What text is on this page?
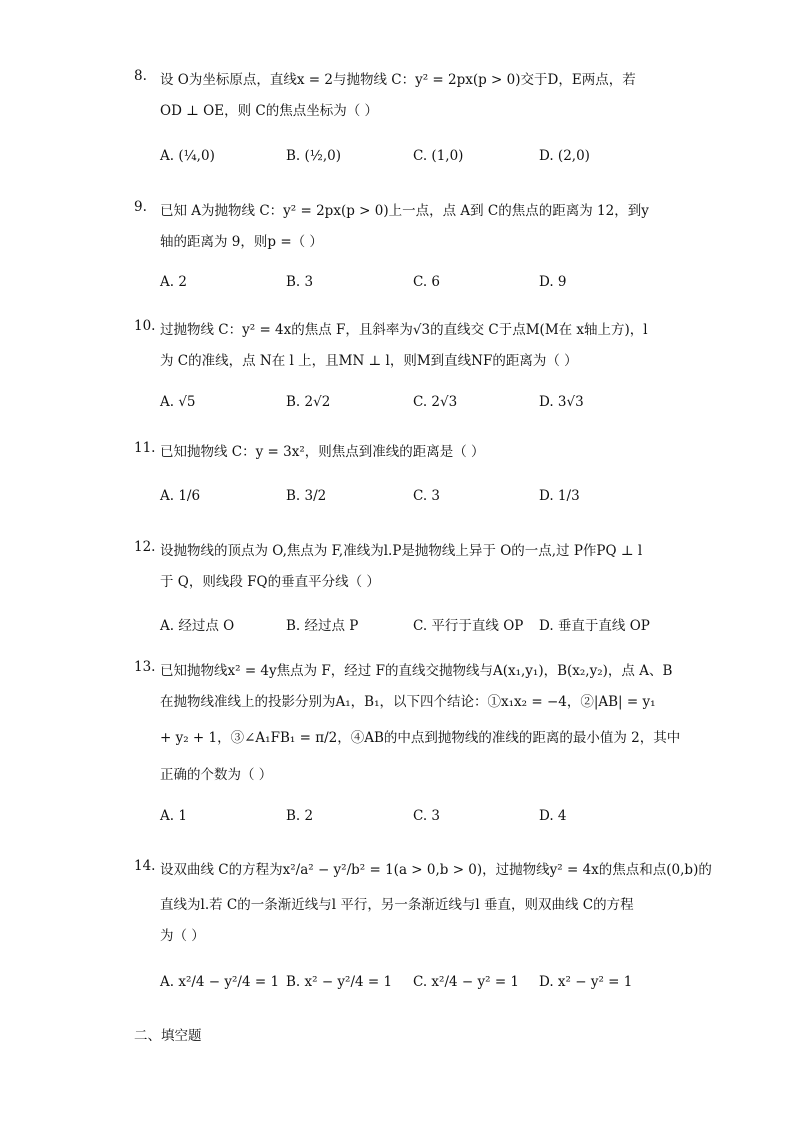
8. 设 O为坐标原点，直线x = 2与抛物线 C：y² = 2px(p > 0)交于D，E两点，若
OD ⊥ OE，则 C的焦点坐标为（ ）
A. (¼,0)	B. (½,0)	C. (1,0)	D. (2,0)
9. 已知 A为抛物线 C：y² = 2px(p > 0)上一点，点 A到 C的焦点的距离为 12，到y
轴的距离为 9，则p =（ ）
A. 2	B. 3	C. 6	D. 9
10. 过抛物线 C：y² = 4x的焦点 F，且斜率为√3的直线交 C于点M(M在 x轴上方)，l
为 C的准线，点 N在 l 上，且MN ⊥ l，则M到直线NF的距离为（ ）
A. √5	B. 2√2	C. 2√3	D. 3√3
11. 已知抛物线 C：y = 3x²，则焦点到准线的距离是（ ）
A. 1/6	B. 3/2	C. 3	D. 1/3
12. 设抛物线的顶点为 O,焦点为 F,准线为l.P是抛物线上异于 O的一点,过 P作PQ ⊥ l
于 Q，则线段 FQ的垂直平分线（ ）
A. 经过点 O	B. 经过点 P	C. 平行于直线 OP D. 垂直于直线 OP
13. 已知抛物线x² = 4y焦点为 F，经过 F的直线交抛物线与A(x₁,y₁)，B(x₂,y₂)，点 A、B
在抛物线准线上的投影分别为A₁，B₁，以下四个结论：①x₁x₂ = −4，②|AB| = y₁
+ y₂ + 1，③∠A₁FB₁ = π/2，④AB的中点到抛物线的准线的距离的最小值为 2，其中
正确的个数为（ ）
A. 1	B. 2	C. 3	D. 4
14. 设双曲线 C的方程为x²/a² − y²/b² = 1(a > 0,b > 0)，过抛物线y² = 4x的焦点和点(0,b)的
直线为l.若 C的一条渐近线与l 平行，另一条渐近线与l 垂直，则双曲线 C的方程
为（ ）
A. x²/4 − y²/4 = 1 B. x² − y²/4 = 1 C. x²/4 − y² = 1 D. x² − y² = 1
二、填空题
